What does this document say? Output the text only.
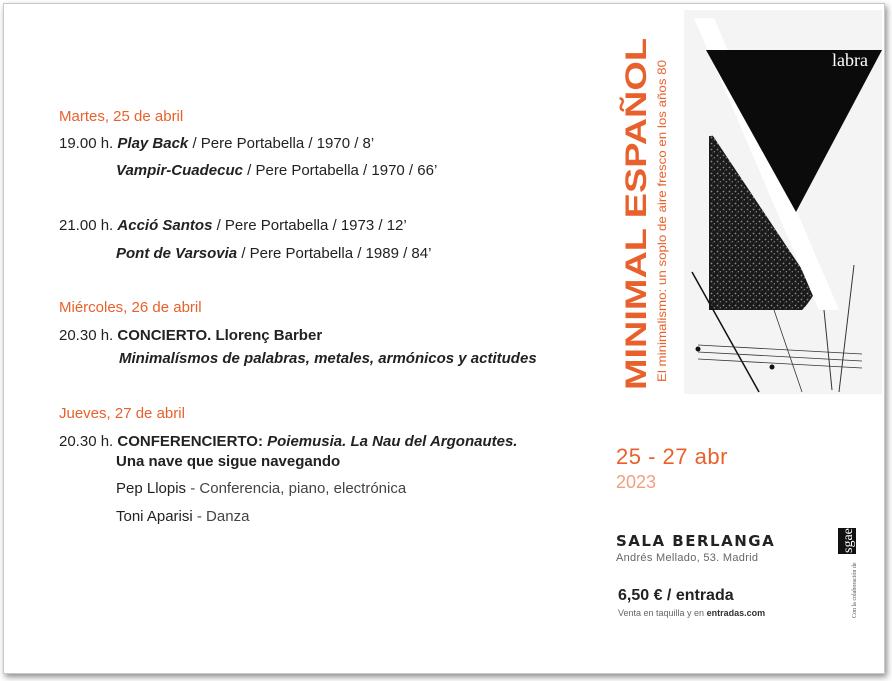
Martes, 25 de abril
19.00 h. Play Back / Pere Portabella / 1970 / 8’
Vampir-Cuadecuc / Pere Portabella / 1970 / 66’
21.00 h. Acció Santos / Pere Portabella / 1973 / 12’
Pont de Varsovia / Pere Portabella / 1989 / 84’
Miércoles, 26 de abril
20.30 h. CONCIERTO. Llorenç Barber
Minimalísmos de palabras, metales, armónicos y actitudes
Jueves, 27 de abril
20.30 h. CONFERENCIERTO: Poiemusia. La Nau del Argonautes.
Una nave que sigue navegando
Pep Llopis - Conferencia, piano, electrónica
Toni Aparisi - Danza
labra
MINIMAL ESPAÑOL El minimalismo: un soplo de aire fresco en los años 80
25 - 27 abr
2023
SALA BERLANGA
Andrés Mellado, 53. Madrid
6,50 € / entrada
Venta en taquilla y en entradas.com
sgae
Con la colaboración de
